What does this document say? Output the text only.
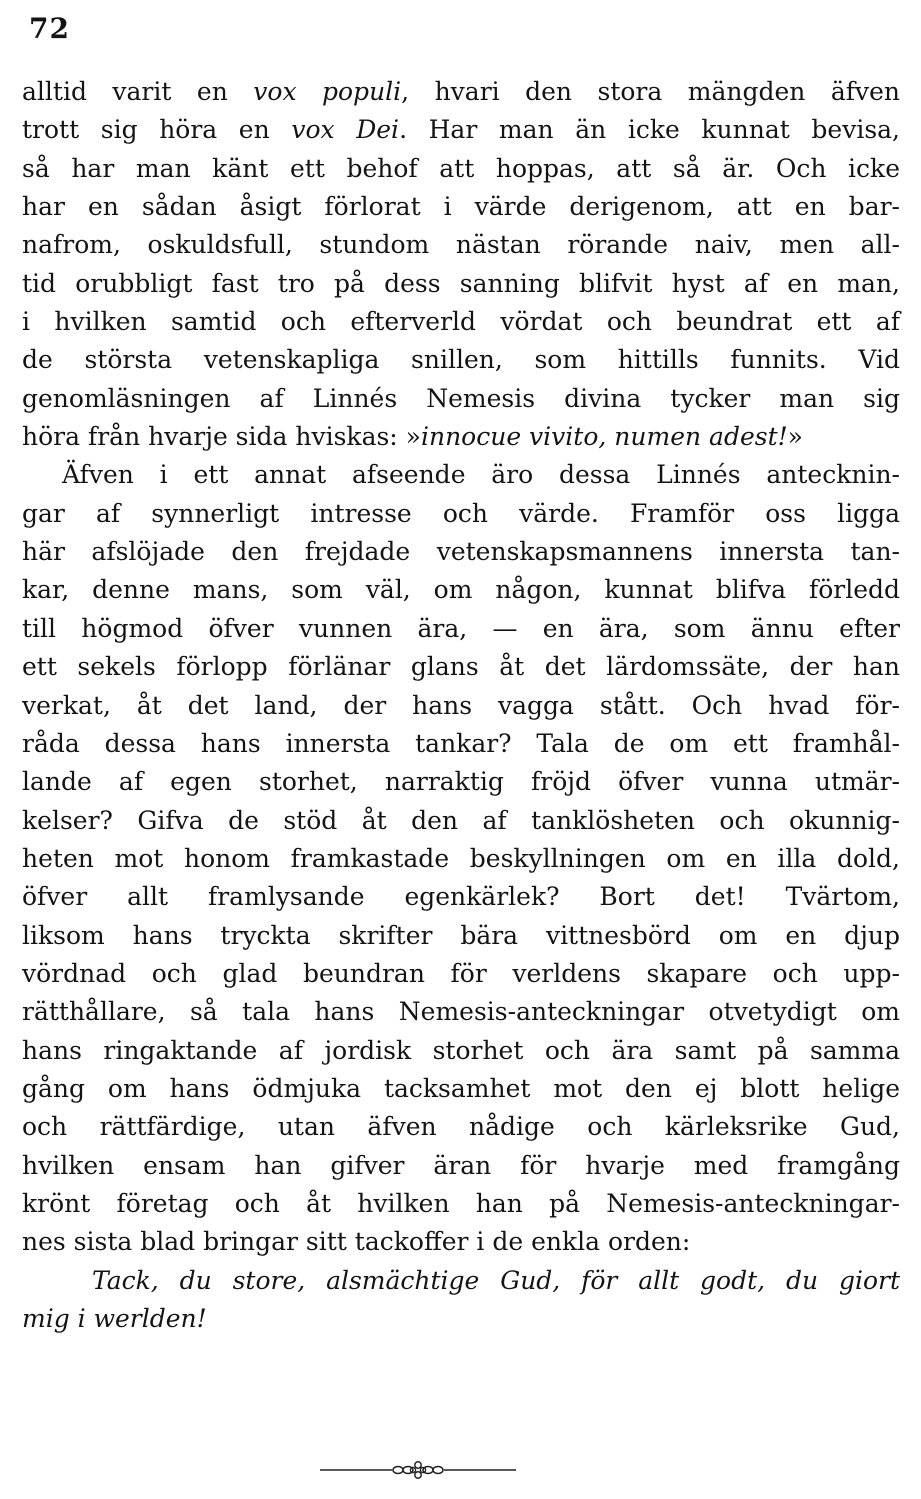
72
alltid varit en vox populi, hvari den stora mängden äfven
trott sig höra en vox Dei. Har man än icke kunnat bevisa,
så har man känt ett behof att hoppas, att så är. Och icke
har en sådan åsigt förlorat i värde derigenom, att en bar-
nafrom, oskuldsfull, stundom nästan rörande naiv, men all-
tid orubbligt fast tro på dess sanning blifvit hyst af en man,
i hvilken samtid och efterverld vördat och beundrat ett af
de största vetenskapliga snillen, som hittills funnits. Vid
genomläsningen af Linnés Nemesis divina tycker man sig
höra från hvarje sida hviskas: »innocue vivito, numen adest!»
Äfven i ett annat afseende äro dessa Linnés antecknin-
gar af synnerligt intresse och värde. Framför oss ligga
här afslöjade den frejdade vetenskapsmannens innersta tan-
kar, denne mans, som väl, om någon, kunnat blifva förledd
till högmod öfver vunnen ära, — en ära, som ännu efter
ett sekels förlopp förlänar glans åt det lärdomssäte, der han
verkat, åt det land, der hans vagga stått. Och hvad för-
råda dessa hans innersta tankar? Tala de om ett framhål-
lande af egen storhet, narraktig fröjd öfver vunna utmär-
kelser? Gifva de stöd åt den af tanklösheten och okunnig-
heten mot honom framkastade beskyllningen om en illa dold,
öfver allt framlysande egenkärlek? Bort det! Tvärtom,
liksom hans tryckta skrifter bära vittnesbörd om en djup
vördnad och glad beundran för verldens skapare och upp-
rätthållare, så tala hans Nemesis-anteckningar otvetydigt om
hans ringaktande af jordisk storhet och ära samt på samma
gång om hans ödmjuka tacksamhet mot den ej blott helige
och rättfärdige, utan äfven nådige och kärleksrike Gud,
hvilken ensam han gifver äran för hvarje med framgång
krönt företag och åt hvilken han på Nemesis-anteckningar-
nes sista blad bringar sitt tackoffer i de enkla orden:
Tack, du store, alsmächtige Gud, för allt godt, du giort
mig i werlden!
